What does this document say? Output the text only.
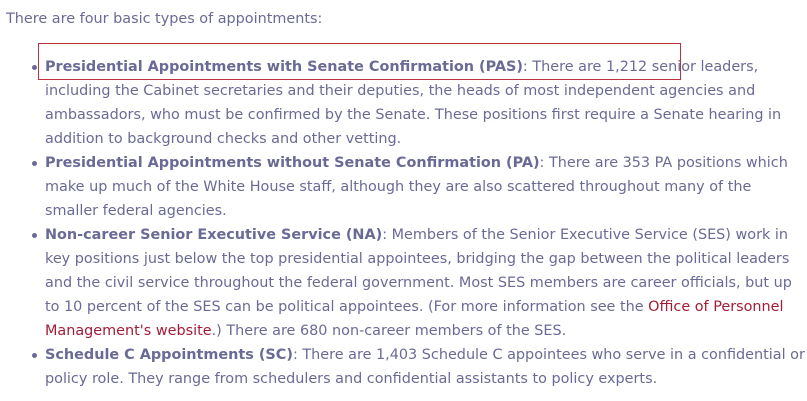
There are four basic types of appointments:

Presidential Appointments with Senate Confirmation (PAS): There are 1,212 senior leaders, including the Cabinet secretaries and their deputies, the heads of most independent agencies and ambassadors, who must be confirmed by the Senate. These positions first require a Senate hearing in addition to background checks and other vetting.
Presidential Appointments without Senate Confirmation (PA): There are 353 PA positions which make up much of the White House staff, although they are also scattered throughout many of the smaller federal agencies.
Non-career Senior Executive Service (NA): Members of the Senior Executive Service (SES) work in key positions just below the top presidential appointees, bridging the gap between the political leaders and the civil service throughout the federal government. Most SES members are career officials, but up to 10 percent of the SES can be political appointees. (For more information see the Office of Personnel Management's website.) There are 680 non-career members of the SES.
Schedule C Appointments (SC): There are 1,403 Schedule C appointees who serve in a confidential or policy role. They range from schedulers and confidential assistants to policy experts.
